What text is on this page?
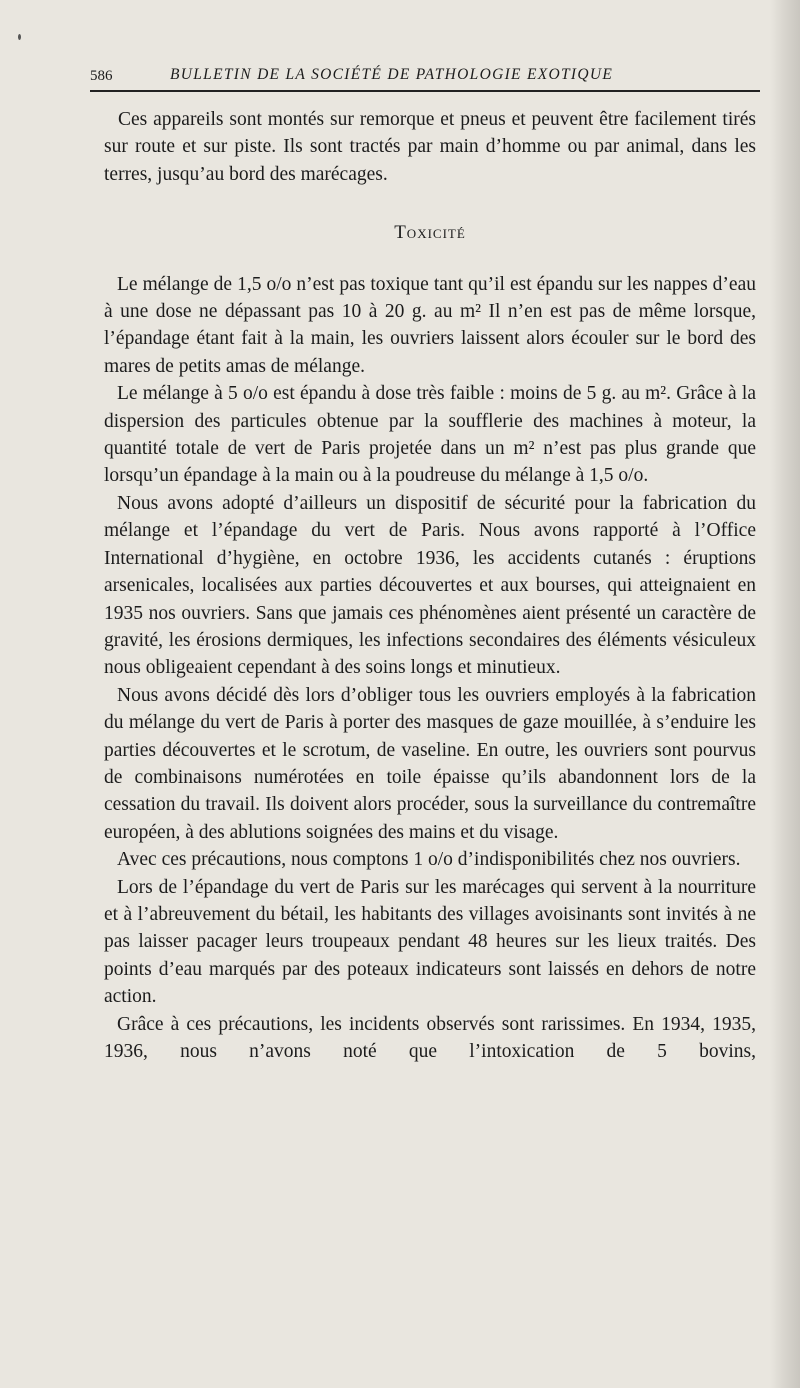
586	BULLETIN DE LA SOCIÉTÉ DE PATHOLOGIE EXOTIQUE

Ces appareils sont montés sur remorque et pneus et peuvent être facilement tirés sur route et sur piste. Ils sont tractés par main d’homme ou par animal, dans les terres, jusqu’au bord des marécages.

Toxicité

Le mélange de 1,5 o/o n’est pas toxique tant qu’il est épandu sur les nappes d’eau à une dose ne dépassant pas 10 à 20 g. au m² Il n’en est pas de même lorsque, l’épandage étant fait à la main, les ouvriers laissent alors écouler sur le bord des mares de petits amas de mélange.

Le mélange à 5 o/o est épandu à dose très faible : moins de 5 g. au m². Grâce à la dispersion des particules obtenue par la soufflerie des machines à moteur, la quantité totale de vert de Paris projetée dans un m² n’est pas plus grande que lorsqu’un épandage à la main ou à la poudreuse du mélange à 1,5 o/o.

Nous avons adopté d’ailleurs un dispositif de sécurité pour la fabrication du mélange et l’épandage du vert de Paris. Nous avons rapporté à l’Office International d’hygiène, en octobre 1936, les accidents cutanés : éruptions arsenicales, localisées aux parties découvertes et aux bourses, qui atteignaient en 1935 nos ouvriers. Sans que jamais ces phénomènes aient présenté un caractère de gravité, les érosions dermiques, les infections secondaires des éléments vésiculeux nous obligeaient cependant à des soins longs et minutieux.

Nous avons décidé dès lors d’obliger tous les ouvriers employés à la fabrication du mélange du vert de Paris à porter des masques de gaze mouillée, à s’enduire les parties découvertes et le scrotum, de vaseline. En outre, les ouvriers sont pourvus de combinaisons numérotées en toile épaisse qu’ils abandonnent lors de la cessation du travail. Ils doivent alors procéder, sous la surveillance du contremaître européen, à des ablutions soignées des mains et du visage.

Avec ces précautions, nous comptons 1 o/o d’indisponibilités chez nos ouvriers.

Lors de l’épandage du vert de Paris sur les marécages qui servent à la nourriture et à l’abreuvement du bétail, les habitants des villages avoisinants sont invités à ne pas laisser pacager leurs troupeaux pendant 48 heures sur les lieux traités. Des points d’eau marqués par des poteaux indicateurs sont laissés en dehors de notre action.

Grâce à ces précautions, les incidents observés sont rarissimes. En 1934, 1935, 1936, nous n’avons noté que l’intoxication de 5 bovins,
